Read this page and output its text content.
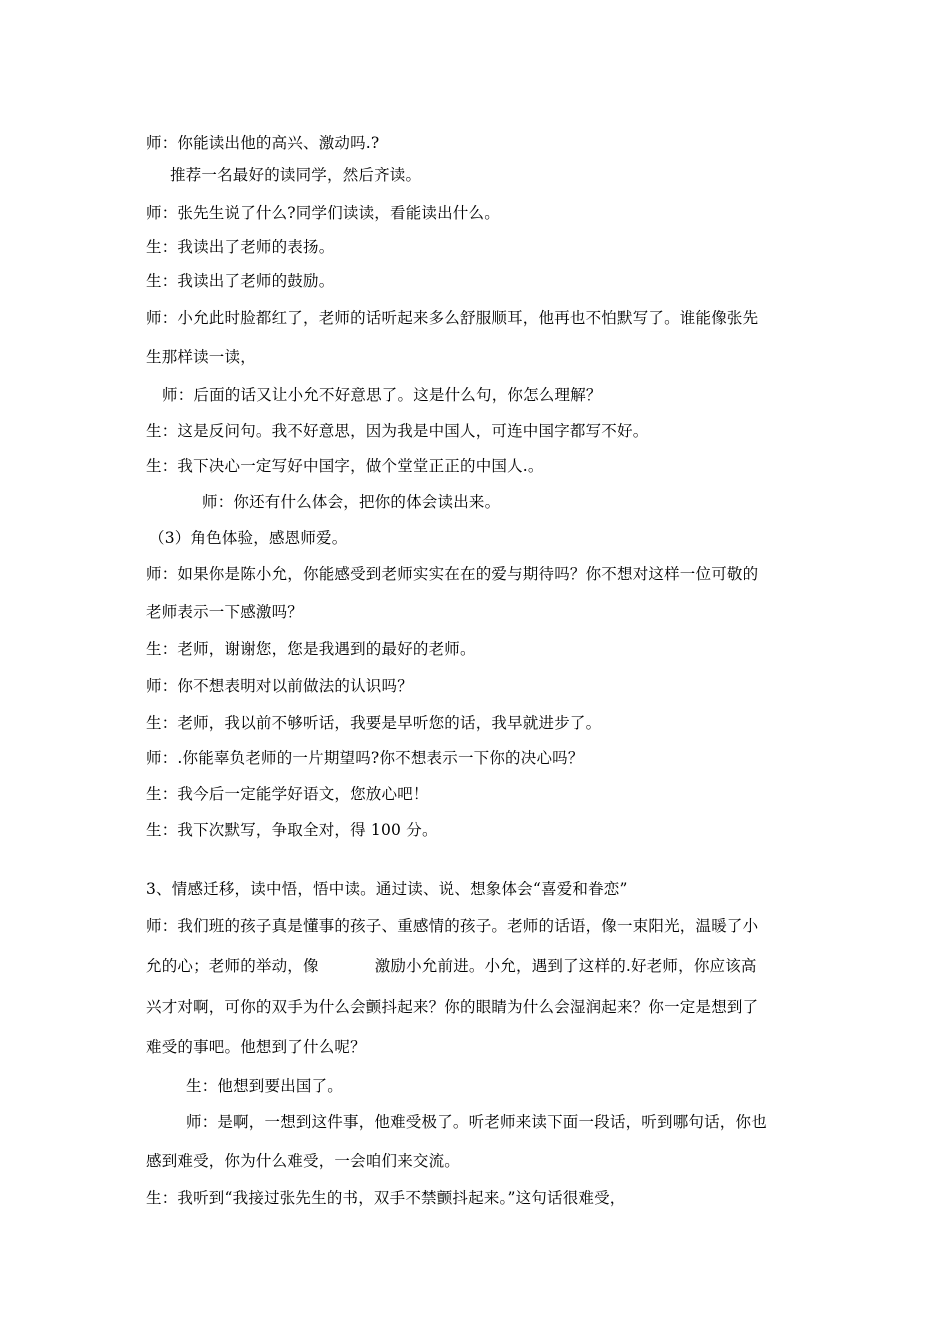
师：你能读出他的高兴、激动吗.?
推荐一名最好的读同学，然后齐读。
师：张先生说了什么?同学们读读，看能读出什么。
生：我读出了老师的表扬。
生：我读出了老师的鼓励。
师：小允此时脸都红了，老师的话听起来多么舒服顺耳，他再也不怕默写了。谁能像张先
生那样读一读，
师：后面的话又让小允不好意思了。这是什么句，你怎么理解？
生：这是反问句。我不好意思，因为我是中国人，可连中国字都写不好。
生：我下决心一定写好中国字，做个堂堂正正的中国人.。
师：你还有什么体会，把你的体会读出来。
（3）角色体验，感恩师爱。
师：如果你是陈小允，你能感受到老师实实在在的爱与期待吗？你不想对这样一位可敬的
老师表示一下感激吗？
生：老师，谢谢您，您是我遇到的最好的老师。
师：你不想表明对以前做法的认识吗？
生：老师，我以前不够听话，我要是早听您的话，我早就进步了。
师：.你能辜负老师的一片期望吗?你不想表示一下你的决心吗？
生：我今后一定能学好语文，您放心吧！
生：我下次默写，争取全对，得 100 分。
3、情感迁移，读中悟，悟中读。通过读、说、想象体会“喜爱和眷恋”
师：我们班的孩子真是懂事的孩子、重感情的孩子。老师的话语，像一束阳光，温暖了小
允的心；老师的举动，像	激励小允前进。小允，遇到了这样的.好老师，你应该高
兴才对啊，可你的双手为什么会颤抖起来？你的眼睛为什么会湿润起来？你一定是想到了
难受的事吧。他想到了什么呢？
生：他想到要出国了。
师：是啊，一想到这件事，他难受极了。听老师来读下面一段话，听到哪句话，你也
感到难受，你为什么难受，一会咱们来交流。
生：我听到“我接过张先生的书，双手不禁颤抖起来。”这句话很难受，
